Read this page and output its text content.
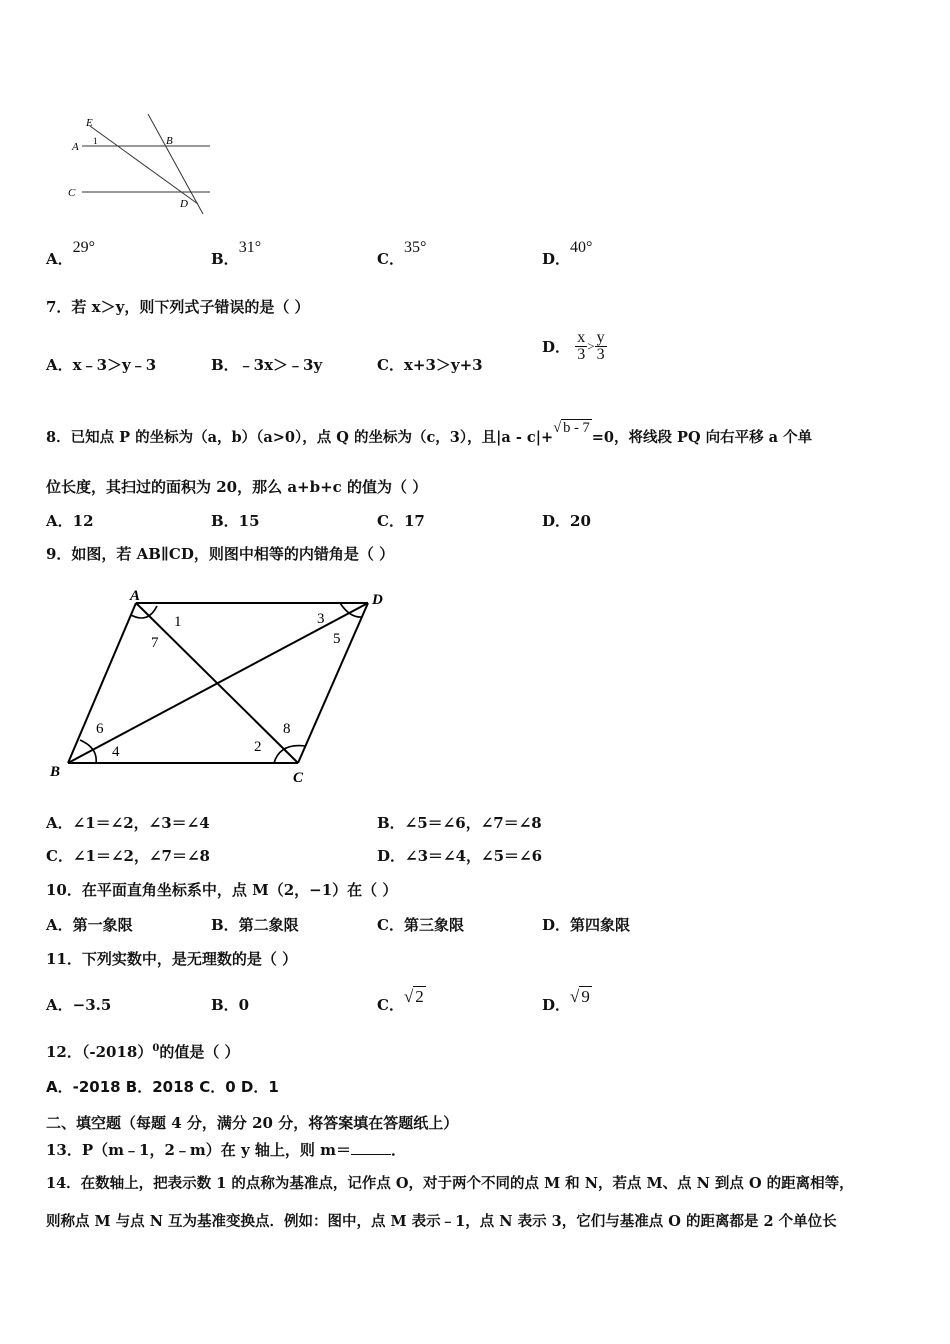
E
A 1	B
C
D
A．29°
B．31°
C．35°
D．40°
7．若 x＞y，则下列式子错误的是（ ）
A．x﹣3＞y﹣3	B．﹣3x＞﹣3y	C．x+3＞y+3
D． $\frac{x}{3} > \frac{y}{3}$
8．已知点 P 的坐标为（a，b）（a>0），点 Q 的坐标为（c，3），且|a - c|+√ b - 7=0，将线段 PQ 向右平移 a 个单
位长度，其扫过的面积为 20，那么 a+b+c 的值为（ ）
A．12	B．15	C．17	D．20
9．如图，若 AB∥CD，则图中相等的内错角是（ ）
A	D
B	C
1	3
5
7
6
4	2
8
A．∠1＝∠2，∠3＝∠4	B．∠5＝∠6，∠7＝∠8
C．∠1＝∠2，∠7＝∠8	D．∠3＝∠4，∠5＝∠6
10．在平面直角坐标系中，点 M（2，−1）在（ ）
A．第一象限	B．第二象限	C．第三象限	D．第四象限
11．下列实数中，是无理数的是（ ）
A．−3.5	B．0	C．√ 2	D．√ 9
12．$(-2018)^0$的值是（ ）
A．-2018 B．2018 C．0 D．1
二、填空题（每题 4 分，满分 20 分，将答案填在答题纸上）
13．P（m﹣1，2﹣m）在 y 轴上，则 m＝	．
14．在数轴上，把表示数 1 的点称为基准点，记作点 O，对于两个不同的点 M 和 N，若点 M、点 N 到点 O 的距离相等，
则称点 M 与点 N 互为基准变换点．例如：图中，点 M 表示﹣1，点 N 表示 3，它们与基准点 O 的距离都是 2 个单位长
